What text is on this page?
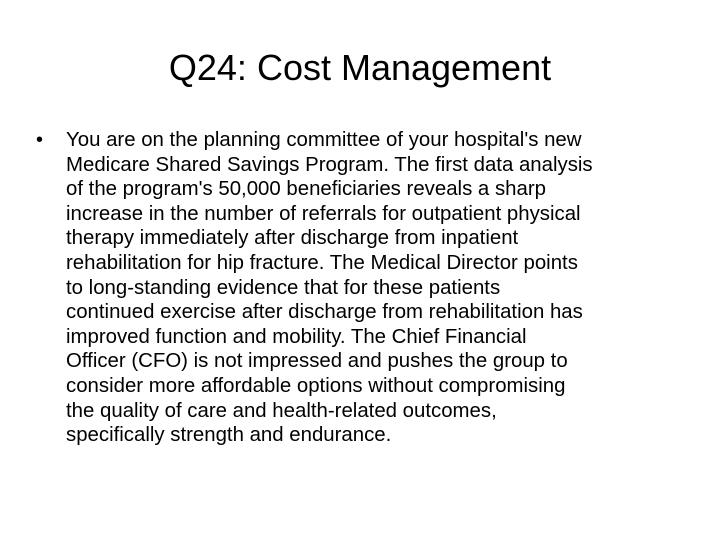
Q24: Cost Management
• You are on the planning committee of your hospital's new
Medicare Shared Savings Program. The first data analysis
of the program's 50,000 beneficiaries reveals a sharp
increase in the number of referrals for outpatient physical
therapy immediately after discharge from inpatient
rehabilitation for hip fracture. The Medical Director points
to long-standing evidence that for these patients
continued exercise after discharge from rehabilitation has
improved function and mobility. The Chief Financial
Officer (CFO) is not impressed and pushes the group to
consider more affordable options without compromising
the quality of care and health-related outcomes,
specifically strength and endurance.
